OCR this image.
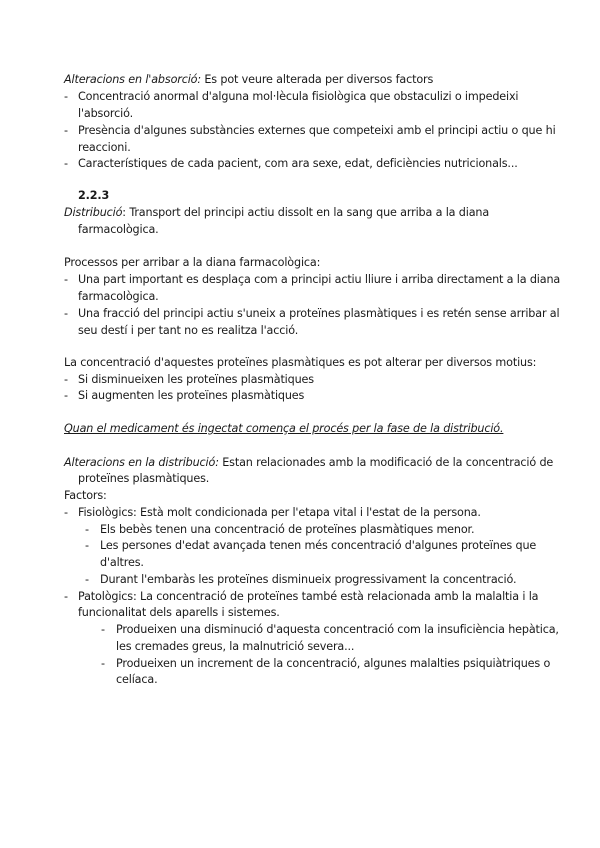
Alteracions en l'absorció: Es pot veure alterada per diversos factors
- Concentració anormal d'alguna mol·lècula fisiològica que obstaculizi o impedeixi
l'absorció.
- Presència d'algunes substàncies externes que competeixi amb el principi actiu o que hi
reaccioni.
- Característiques de cada pacient, com ara sexe, edat, deficiències nutricionals...
2.2.3
Distribució: Transport del principi actiu dissolt en la sang que arriba a la diana
farmacològica.
Processos per arribar a la diana farmacològica:
- Una part important es desplaça com a principi actiu lliure i arriba directament a la diana
farmacològica.
- Una fracció del principi actiu s'uneix a proteïnes plasmàtiques i es retén sense arribar al
seu destí i per tant no es realitza l'acció.
La concentració d'aquestes proteïnes plasmàtiques es pot alterar per diversos motius:
- Si disminueixen les proteïnes plasmàtiques
- Si augmenten les proteïnes plasmàtiques
Quan el medicament és ingectat comença el procés per la fase de la distribució.
Alteracions en la distribució: Estan relacionades amb la modificació de la concentració de
proteïnes plasmàtiques.
Factors:
- Fisiològics: Està molt condicionada per l'etapa vital i l'estat de la persona.
- Els bebès tenen una concentració de proteïnes plasmàtiques menor.
- Les persones d'edat avançada tenen més concentració d'algunes proteïnes que
d'altres.
- Durant l'embaràs les proteïnes disminueix progressivament la concentració.
- Patològics: La concentració de proteïnes també està relacionada amb la malaltia i la
funcionalitat dels aparells i sistemes.
- Produeixen una disminució d'aquesta concentració com la insuficiència hepàtica,
les cremades greus, la malnutrició severa...
- Produeixen un increment de la concentració, algunes malalties psiquiàtriques o
celíaca.
